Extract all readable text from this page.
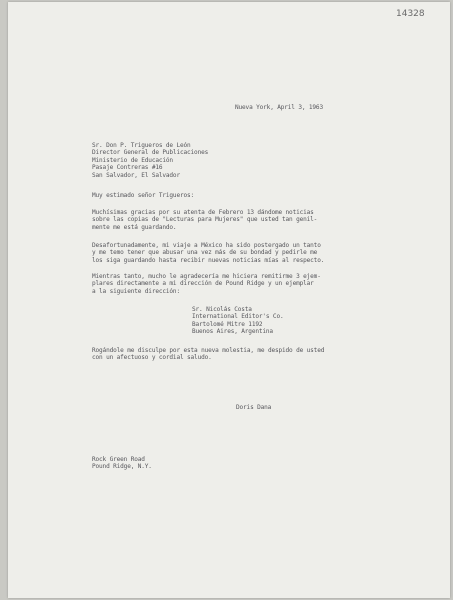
14328
Nueva York, April 3, 1963
Sr. Don P. Trigueros de León
Director General de Publicaciones
Ministerio de Educación
Pasaje Contreras #16
San Salvador, El Salvador
Muy estimado señor Trigueros:
Muchísimas gracias por su atenta de Febrero 13 dándome noticias
sobre las copias de "Lecturas para Mujeres" que usted tan genil-
mente me está guardando.
Desafortunadamente, mi viaje a México ha sido postergado un tanto
y me temo tener que abusar una vez más de su bondad y pedirle me
los siga guardando hasta recibir nuevas noticias mías al respecto.
Mientras tanto, mucho le agradecería me hiciera remitirme 3 ejem-
plares directamente a mi dirección de Pound Ridge y un ejemplar
a la siguiente dirección:
Sr. Nicolás Costa
International Editor's Co.
Bartolomé Mitre 1192
Buenos Aires, Argentina
Rogándole me disculpe por esta nueva molestia, me despido de usted
con un afectuoso y cordial saludo.
Doris Dana
Rock Green Road
Pound Ridge, N.Y.
